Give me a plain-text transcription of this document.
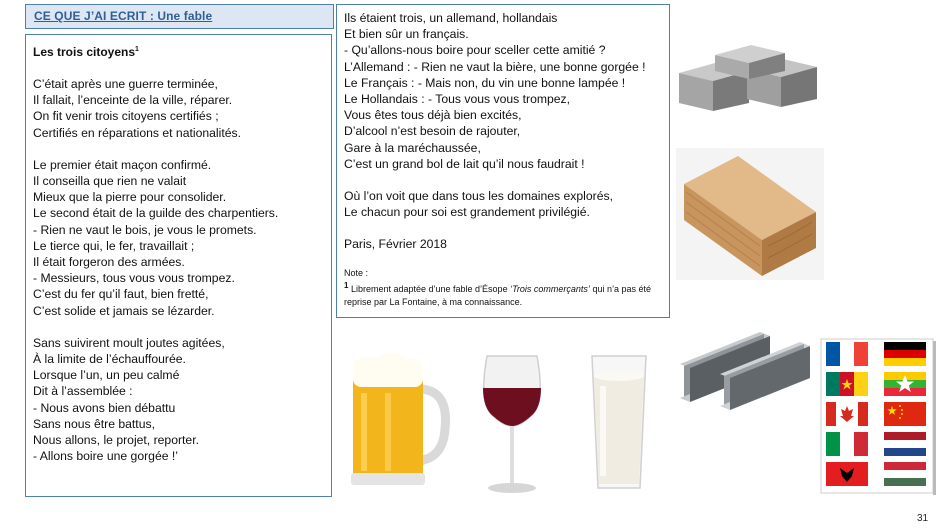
CE QUE J’AI ECRIT : Une fable
Les trois citoyens$^1$
C’était après une guerre terminée,
Il fallait, l’enceinte de la ville, réparer.
On fit venir trois citoyens certifiés ;
Certifiés en réparations et nationalités.
Le premier était maçon confirmé.
Il conseilla que rien ne valait
Mieux que la pierre pour consolider.
Le second était de la guilde des charpentiers.
- Rien ne vaut le bois, je vous le promets.
Le tierce qui, le fer, travaillait ;
Il était forgeron des armées.
- Messieurs, tous vous vous trompez.
C’est du fer qu’il faut, bien fretté,
C’est solide et jamais se lézarder.
Sans suivirent moult joutes agitées,
À la limite de l’échauffourée.
Lorsque l’un, un peu calmé
Dit à l’assemblée :
- Nous avons bien débattu
Sans nous être battus,
Nous allons, le projet, reporter.
- Allons boire une gorgée !’
Ils étaient trois, un allemand, hollandais
Et bien sûr un français.
- Qu’allons-nous boire pour sceller cette amitié ?
L’Allemand : - Rien ne vaut la bière, une bonne gorgée !
Le Français : - Mais non, du vin une bonne lampée !
Le Hollandais : - Tous vous vous trompez,
Vous êtes tous déjà bien excités,
D’alcool n’est besoin de rajouter,
Gare à la maréchaussée,
C’est un grand bol de lait qu’il nous faudrait !
Où l’on voit que dans tous les domaines explorés,
Le chacun pour soi est grandement privilégié.
Paris, Février 2018
Note :
$^1$ Librement adaptée d’une fable d’Ésope ‘Trois commerçants’ qui n’a pas été reprise par La Fontaine, à ma connaissance.
31
